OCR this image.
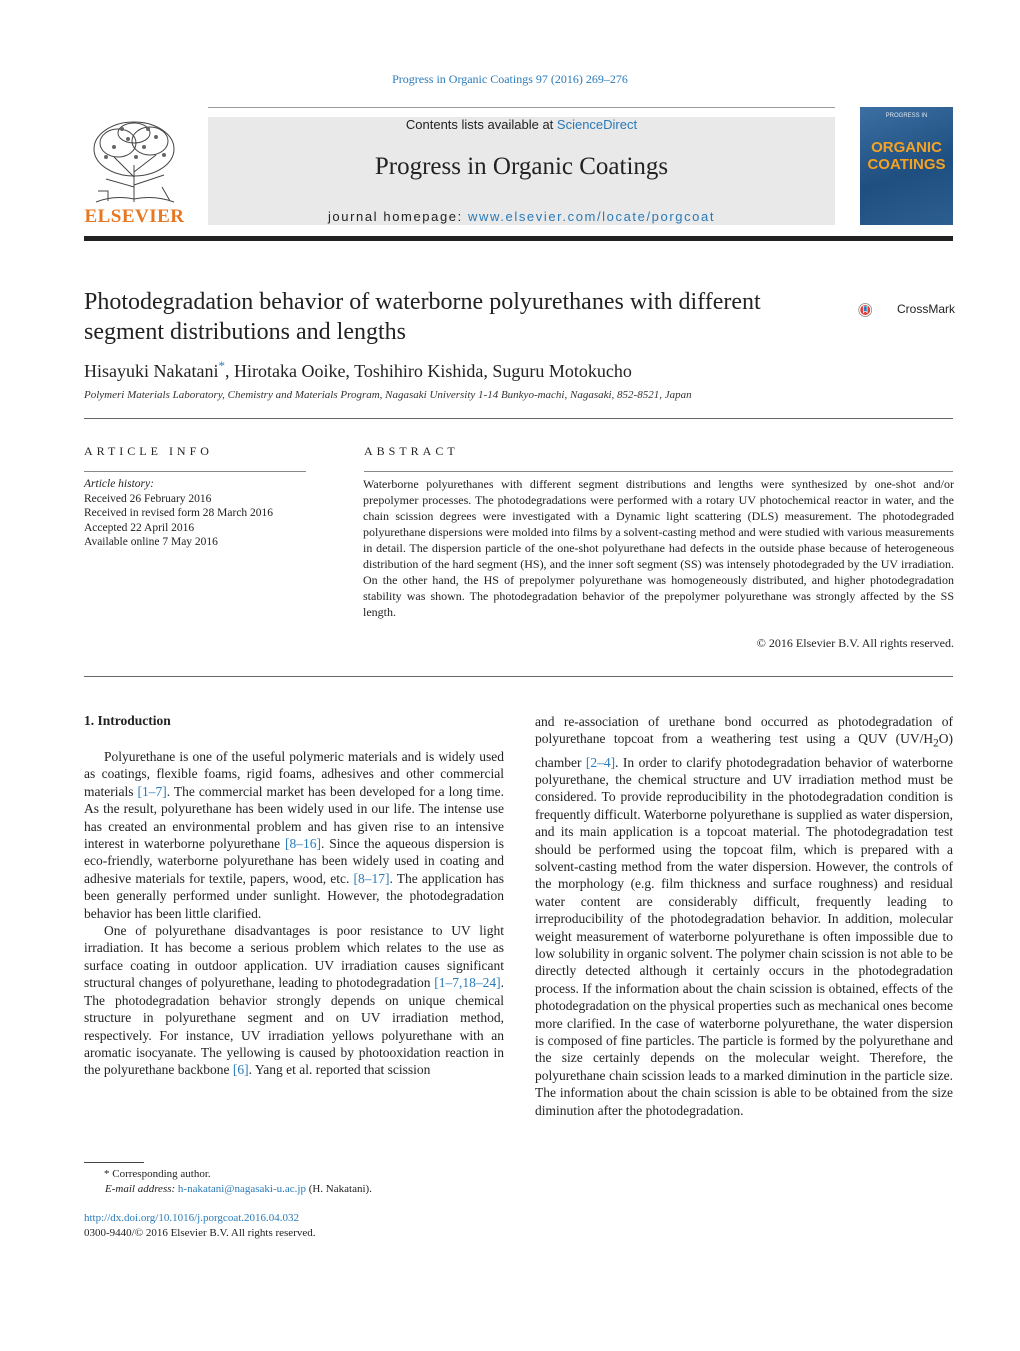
Progress in Organic Coatings 97 (2016) 269–276
ELSEVIER
Contents lists available at ScienceDirect
Progress in Organic Coatings
journal homepage: www.elsevier.com/locate/porgcoat
PROGRESS IN
ORGANIC
COATINGS
Photodegradation behavior of waterborne polyurethanes with different segment distributions and lengths
CrossMark
Hisayuki Nakatani*, Hirotaka Ooike, Toshihiro Kishida, Suguru Motokucho
Polymeri Materials Laboratory, Chemistry and Materials Program, Nagasaki University 1-14 Bunkyo-machi, Nagasaki, 852-8521, Japan
ARTICLE INFO	ABSTRACT
Article history:
Received 26 February 2016
Received in revised form 28 March 2016
Accepted 22 April 2016
Available online 7 May 2016
Waterborne polyurethanes with different segment distributions and lengths were synthesized by one-shot and/or prepolymer processes. The photodegradations were performed with a rotary UV photochemical reactor in water, and the chain scission degrees were investigated with a Dynamic light scattering (DLS) measurement. The photodegraded polyurethane dispersions were molded into films by a solvent-casting method and were studied with various measurements in detail. The dispersion particle of the one-shot polyurethane had defects in the outside phase because of heterogeneous distribution of the hard segment (HS), and the inner soft segment (SS) was intensely photodegraded by the UV irradiation. On the other hand, the HS of prepolymer polyurethane was homogeneously distributed, and higher photodegradation stability was shown. The photodegradation behavior of the prepolymer polyurethane was strongly affected by the SS length.
© 2016 Elsevier B.V. All rights reserved.
1. Introduction

Polyurethane is one of the useful polymeric materials and is widely used as coatings, flexible foams, rigid foams, adhesives and other commercial materials [1–7]. The commercial market has been developed for a long time. As the result, polyurethane has been widely used in our life. The intense use has created an environmental problem and has given rise to an intensive interest in waterborne polyurethane [8–16]. Since the aqueous dispersion is eco-friendly, waterborne polyurethane has been widely used in coating and adhesive materials for textile, papers, wood, etc. [8–17]. The application has been generally performed under sunlight. However, the photodegradation behavior has been little clarified.

One of polyurethane disadvantages is poor resistance to UV light irradiation. It has become a serious problem which relates to the use as surface coating in outdoor application. UV irradiation causes significant structural changes of polyurethane, leading to photodegradation [1–7,18–24]. The photodegradation behavior strongly depends on unique chemical structure in polyurethane segment and on UV irradiation method, respectively. For instance, UV irradiation yellows polyurethane with an aromatic isocyanate. The yellowing is caused by photooxidation reaction in the polyurethane backbone [6]. Yang et al. reported that scission

and re-association of urethane bond occurred as photodegradation of polyurethane topcoat from a weathering test using a QUV $(UV/H_2O)$ chamber [2–4]. In order to clarify photodegradation behavior of waterborne polyurethane, the chemical structure and UV irradiation method must be considered. To provide reproducibility in the photodegradation condition is frequently difficult. Waterborne polyurethane is supplied as water dispersion, and its main application is a topcoat material. The photodegradation test should be performed using the topcoat film, which is prepared with a solvent-casting method from the water dispersion. However, the controls of the morphology (e.g. film thickness and surface roughness) and residual water content are considerably difficult, frequently leading to irreproducibility of the photodegradation behavior. In addition, molecular weight measurement of waterborne polyurethane is often impossible due to low solubility in organic solvent. The polymer chain scission is not able to be directly detected although it certainly occurs in the photodegradation process. If the information about the chain scission is obtained, effects of the photodegradation on the physical properties such as mechanical ones become more clarified. In the case of waterborne polyurethane, the water dispersion is composed of fine particles. The particle is formed by the polyurethane and the size certainly depends on the molecular weight. Therefore, the polyurethane chain scission leads to a marked diminution in the particle size. The information about the chain scission is able to be obtained from the size diminution after the photodegradation.

* Corresponding author.
E-mail address: h-nakatani@nagasaki-u.ac.jp (H. Nakatani).
http://dx.doi.org/10.1016/j.porgcoat.2016.04.032
0300-9440/© 2016 Elsevier B.V. All rights reserved.
